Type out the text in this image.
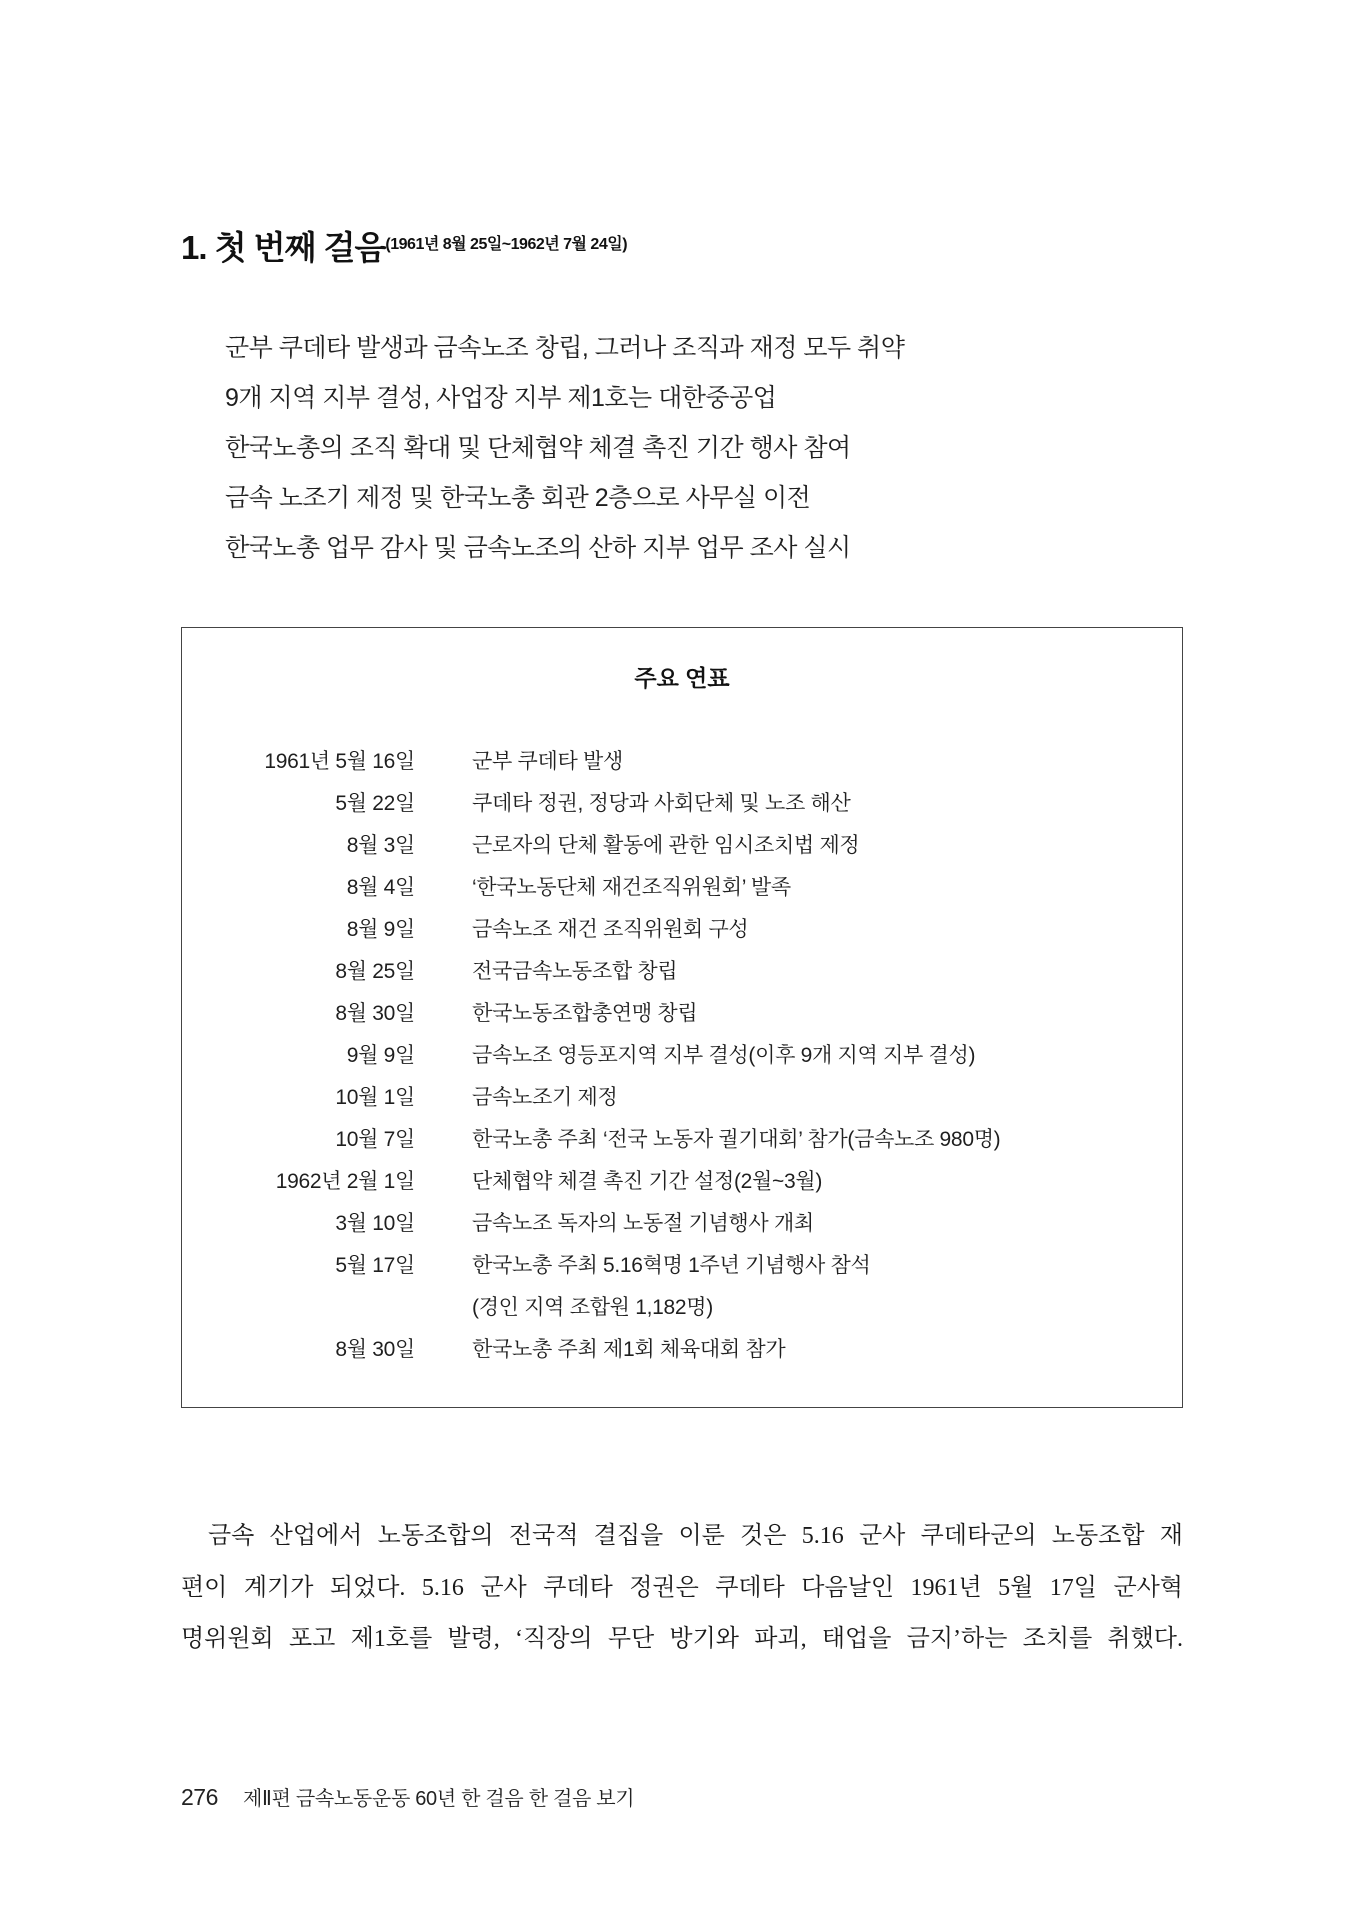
1. 첫 번째 걸음(1961년 8월 25일~1962년 7월 24일)
군부 쿠데타 발생과 금속노조 창립, 그러나 조직과 재정 모두 취약
9개 지역 지부 결성, 사업장 지부 제1호는 대한중공업
한국노총의 조직 확대 및 단체협약 체결 촉진 기간 행사 참여
금속 노조기 제정 및 한국노총 회관 2층으로 사무실 이전
한국노총 업무 감사 및 금속노조의 산하 지부 업무 조사 실시
주요 연표
1961년 5월 16일	군부 쿠데타 발생
5월 22일	쿠데타 정권, 정당과 사회단체 및 노조 해산
8월 3일	근로자의 단체 활동에 관한 임시조치법 제정
8월 4일	‘한국노동단체 재건조직위원회’ 발족
8월 9일	금속노조 재건 조직위원회 구성
8월 25일	전국금속노동조합 창립
8월 30일	한국노동조합총연맹 창립
9월 9일	금속노조 영등포지역 지부 결성(이후 9개 지역 지부 결성)
10월 1일	금속노조기 제정
10월 7일	한국노총 주최 ‘전국 노동자 궐기대회’ 참가(금속노조 980명)
1962년 2월 1일	단체협약 체결 촉진 기간 설정(2월~3월)
3월 10일	금속노조 독자의 노동절 기념행사 개최
5월 17일	한국노총 주최 5.16혁명 1주년 기념행사 참석
(경인 지역 조합원 1,182명)
8월 30일	한국노총 주최 제1회 체육대회 참가
금속 산업에서 노동조합의 전국적 결집을 이룬 것은 5.16 군사 쿠데타군의 노동조합 재
편이 계기가 되었다. 5.16 군사 쿠데타 정권은 쿠데타 다음날인 1961년 5월 17일 군사혁
명위원회 포고 제1호를 발령, ‘직장의 무단 방기와 파괴, 태업을 금지’하는 조치를 취했다.
276 제Ⅱ편 금속노동운동 60년 한 걸음 한 걸음 보기
